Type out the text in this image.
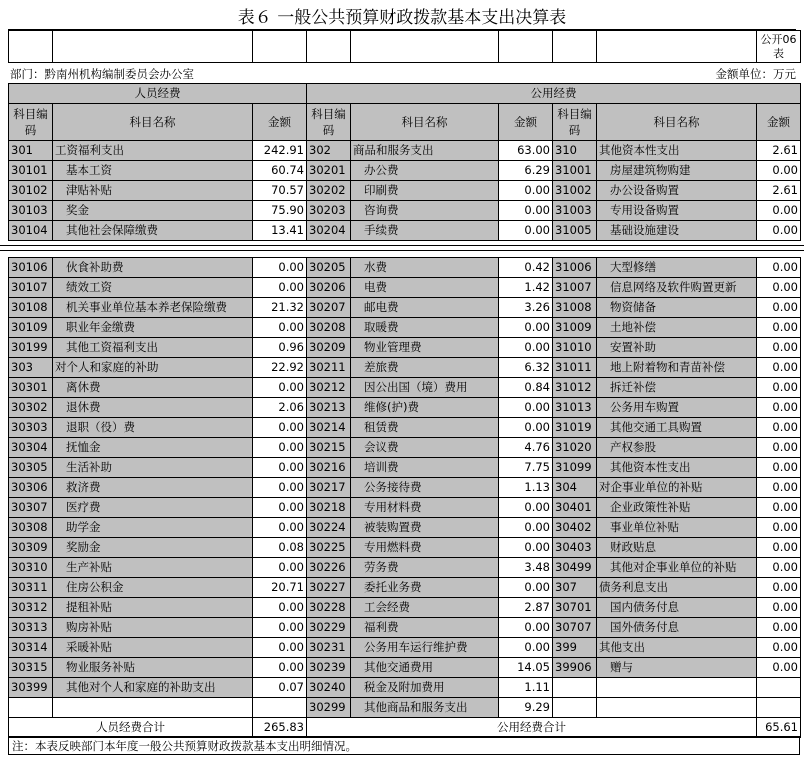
表６ 一般公共预算财政拨款基本支出决算表
								公开06表
部门：黔南州机构编制委员会办公室	金额单位：万元
人员经费			公用经费					
科目编码	科目名称	金额	科目编码	科目名称	金额	科目编码	科目名称	金额
301	工资福利支出	242.91	302	商品和服务支出	63.00	310	其他资本性支出	2.61
30101	基本工资	60.74	30201	办公费	6.29	31001	房屋建筑物购建	0.00
30102	津贴补贴	70.57	30202	印刷费	0.00	31002	办公设备购置	2.61
30103	奖金	75.90	30203	咨询费	0.00	31003	专用设备购置	0.00
30104	其他社会保障缴费	13.41	30204	手续费	0.00	31005	基础设施建设	0.00
30106	伙食补助费	0.00	30205	水费	0.42	31006	大型修缮	0.00
30107	绩效工资	0.00	30206	电费	1.42	31007	信息网络及软件购置更新	0.00
30108	机关事业单位基本养老保险缴费	21.32	30207	邮电费	3.26	31008	物资储备	0.00
30109	职业年金缴费	0.00	30208	取暖费	0.00	31009	土地补偿	0.00
30199	其他工资福利支出	0.96	30209	物业管理费	0.00	31010	安置补助	0.00
303	对个人和家庭的补助	22.92	30211	差旅费	6.32	31011	地上附着物和青苗补偿	0.00
30301	离休费	0.00	30212	因公出国（境）费用	0.84	31012	拆迁补偿	0.00
30302	退休费	2.06	30213	维修(护)费	0.00	31013	公务用车购置	0.00
30303	退职（役）费	0.00	30214	租赁费	0.00	31019	其他交通工具购置	0.00
30304	抚恤金	0.00	30215	会议费	4.76	31020	产权参股	0.00
30305	生活补助	0.00	30216	培训费	7.75	31099	其他资本性支出	0.00
30306	救济费	0.00	30217	公务接待费	1.13	304	对企事业单位的补贴	0.00
30307	医疗费	0.00	30218	专用材料费	0.00	30401	企业政策性补贴	0.00
30308	助学金	0.00	30224	被装购置费	0.00	30402	事业单位补贴	0.00
30309	奖励金	0.08	30225	专用燃料费	0.00	30403	财政贴息	0.00
30310	生产补贴	0.00	30226	劳务费	3.48	30499	其他对企事业单位的补贴	0.00
30311	住房公积金	20.71	30227	委托业务费	0.00	307	债务利息支出	0.00
30312	提租补贴	0.00	30228	工会经费	2.87	30701	国内债务付息	0.00
30313	购房补贴	0.00	30229	福利费	0.00	30707	国外债务付息	0.00
30314	采暖补贴	0.00	30231	公务用车运行维护费	0.00	399	其他支出	0.00
30315	物业服务补贴	0.00	30239	其他交通费用	14.05	39906	赠与	0.00
30399	其他对个人和家庭的补助支出	0.07	30240	税金及附加费用	1.11			
			30299	其他商品和服务支出	9.29			
人员经费合计		265.83	公用经费合计					65.61
注：本表反映部门本年度一般公共预算财政拨款基本支出明细情况。
